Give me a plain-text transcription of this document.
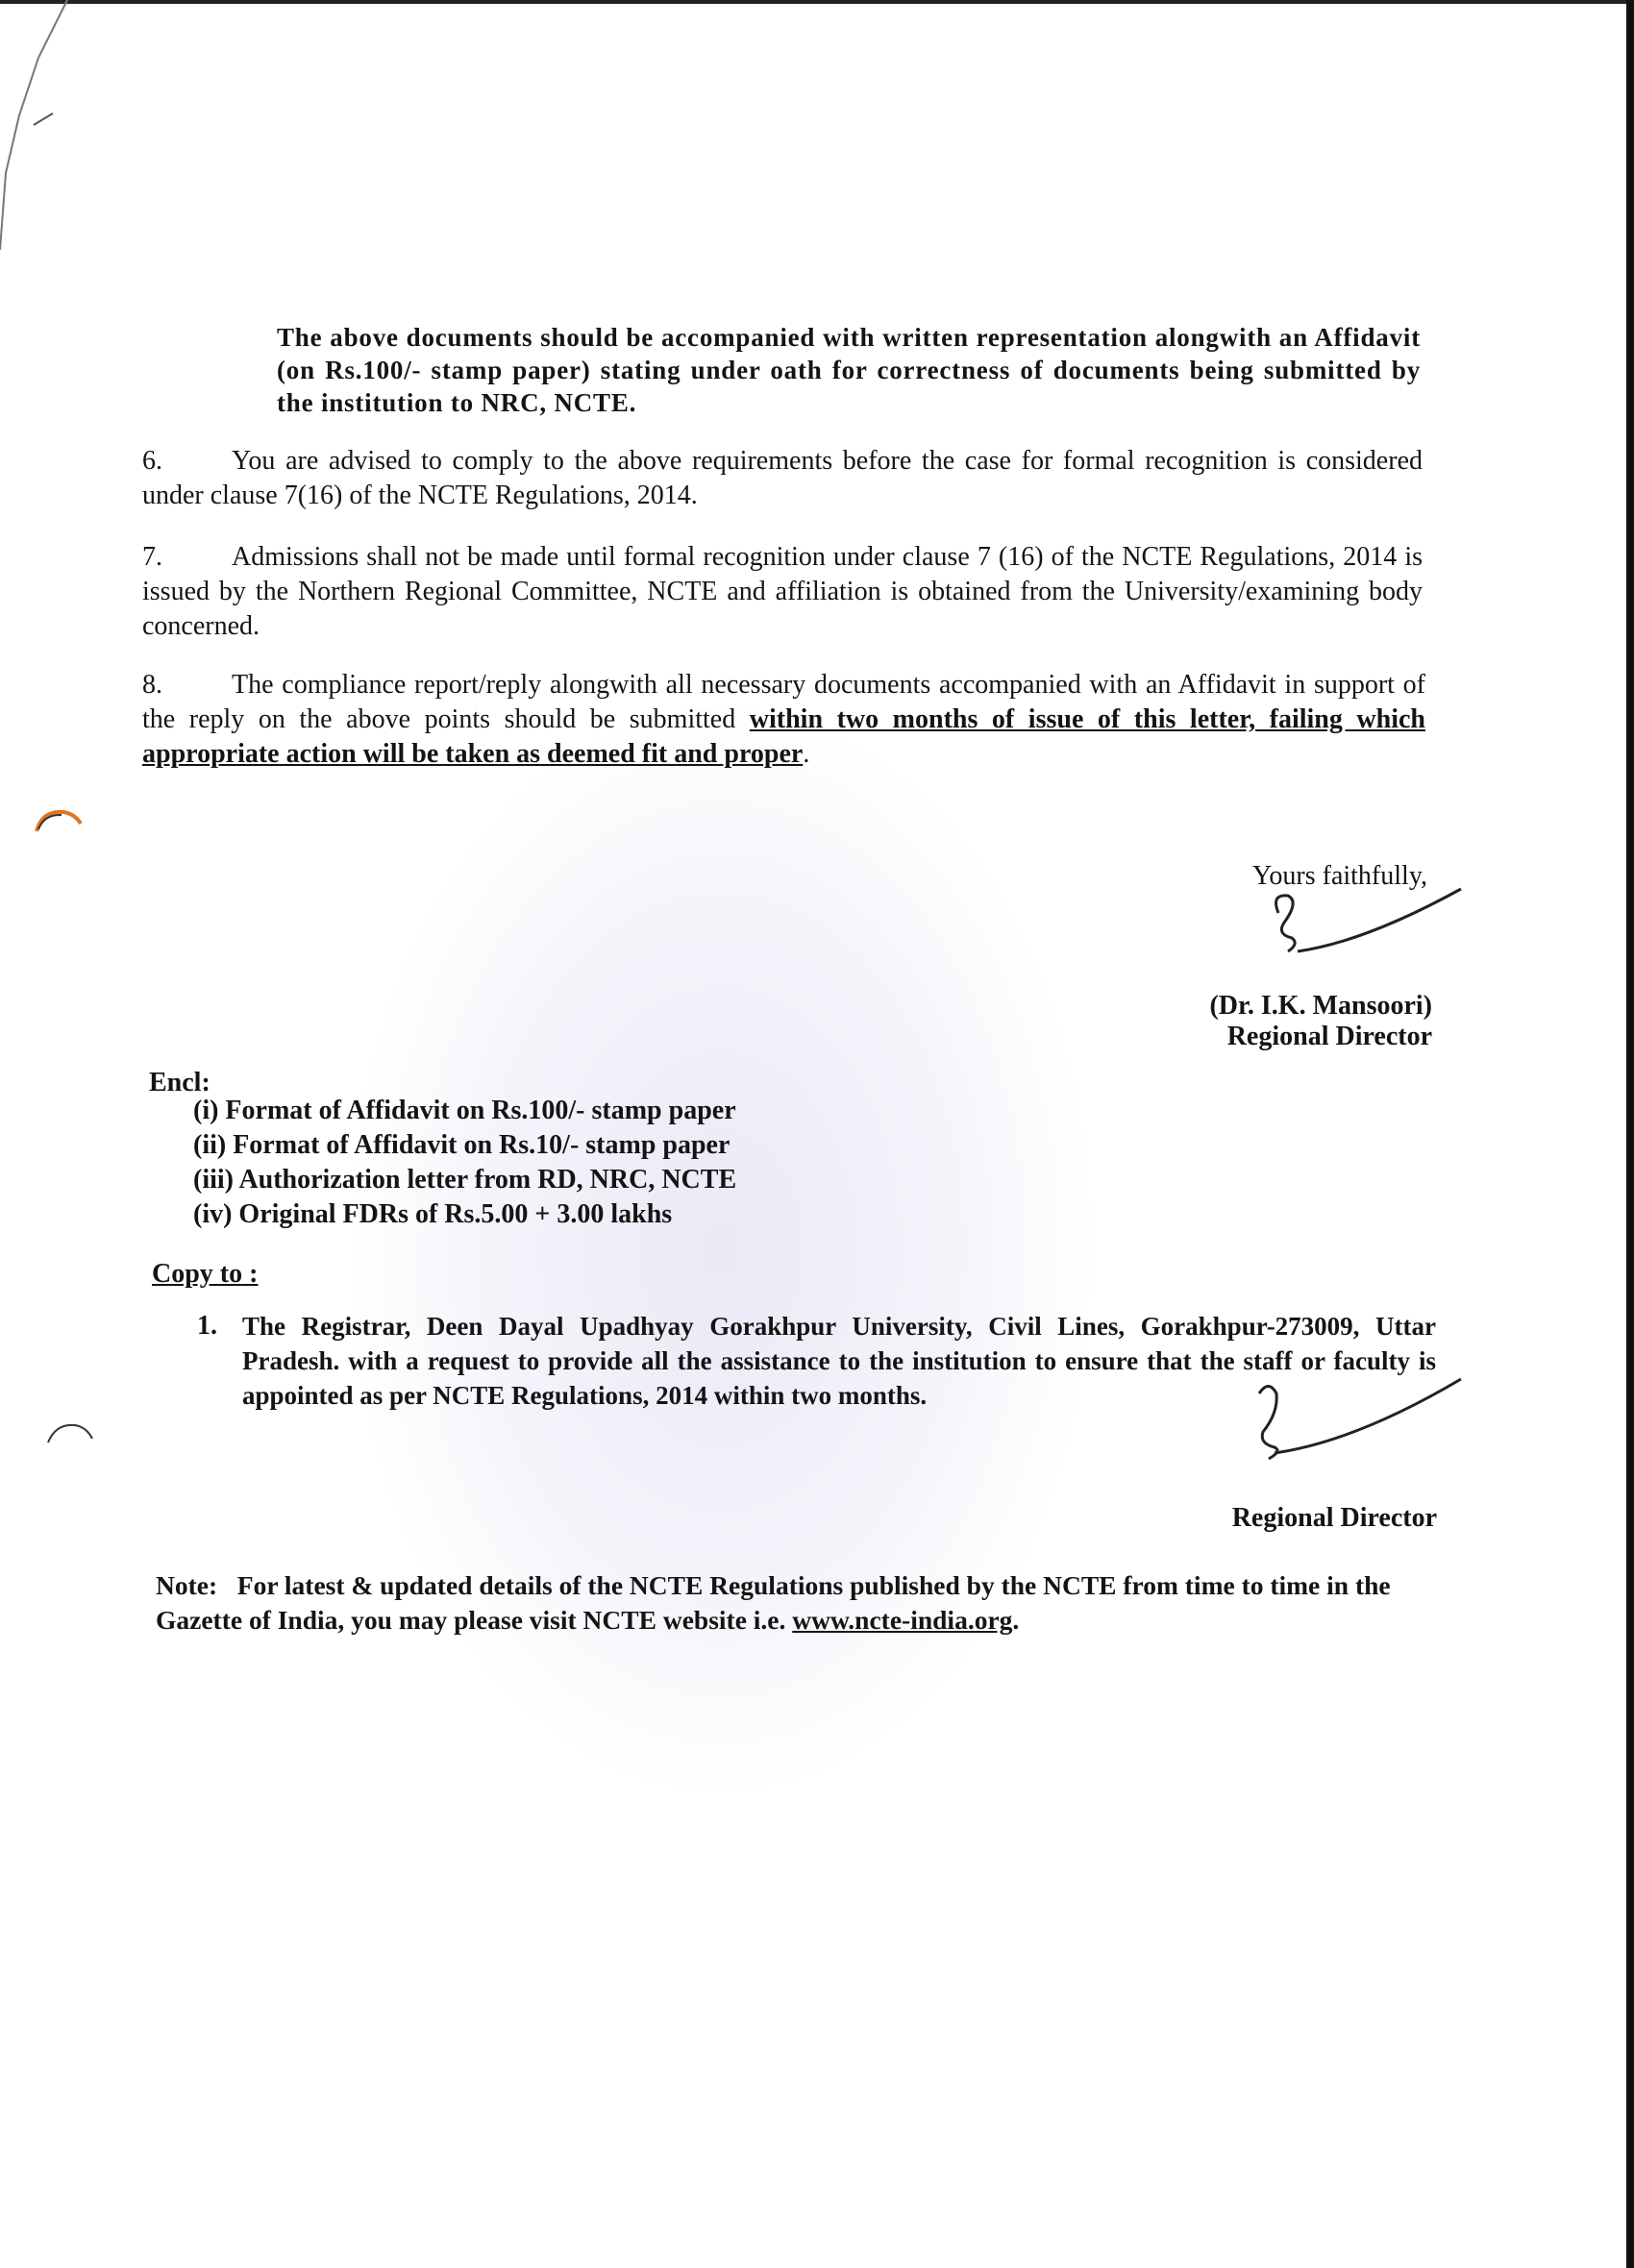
The above documents should be accompanied with written representation alongwith an Affidavit (on Rs.100/- stamp paper) stating under oath for correctness of documents being submitted by the institution to NRC, NCTE.
6.	You are advised to comply to the above requirements before the case for formal recognition is considered under clause 7(16) of the NCTE Regulations, 2014.
7.	Admissions shall not be made until formal recognition under clause 7 (16) of the NCTE Regulations, 2014 is issued by the Northern Regional Committee, NCTE and affiliation is obtained from the University/examining body concerned.
8.	The compliance report/reply alongwith all necessary documents accompanied with an Affidavit in support of the reply on the above points should be submitted within two months of issue of this letter, failing which appropriate action will be taken as deemed fit and proper.
Yours faithfully,
(Dr. I.K. Mansoori)
Regional Director
Encl:
(i) Format of Affidavit on Rs.100/- stamp paper
(ii) Format of Affidavit on Rs.10/- stamp paper
(iii) Authorization letter from RD, NRC, NCTE
(iv) Original FDRs of Rs.5.00 + 3.00 lakhs
Copy to :
1. The Registrar, Deen Dayal Upadhyay Gorakhpur University, Civil Lines, Gorakhpur-273009, Uttar Pradesh. with a request to provide all the assistance to the institution to ensure that the staff or faculty is appointed as per NCTE Regulations, 2014 within two months.
Regional Director
Note: For latest & updated details of the NCTE Regulations published by the NCTE from time to time in the Gazette of India, you may please visit NCTE website i.e. www.ncte-india.org.
